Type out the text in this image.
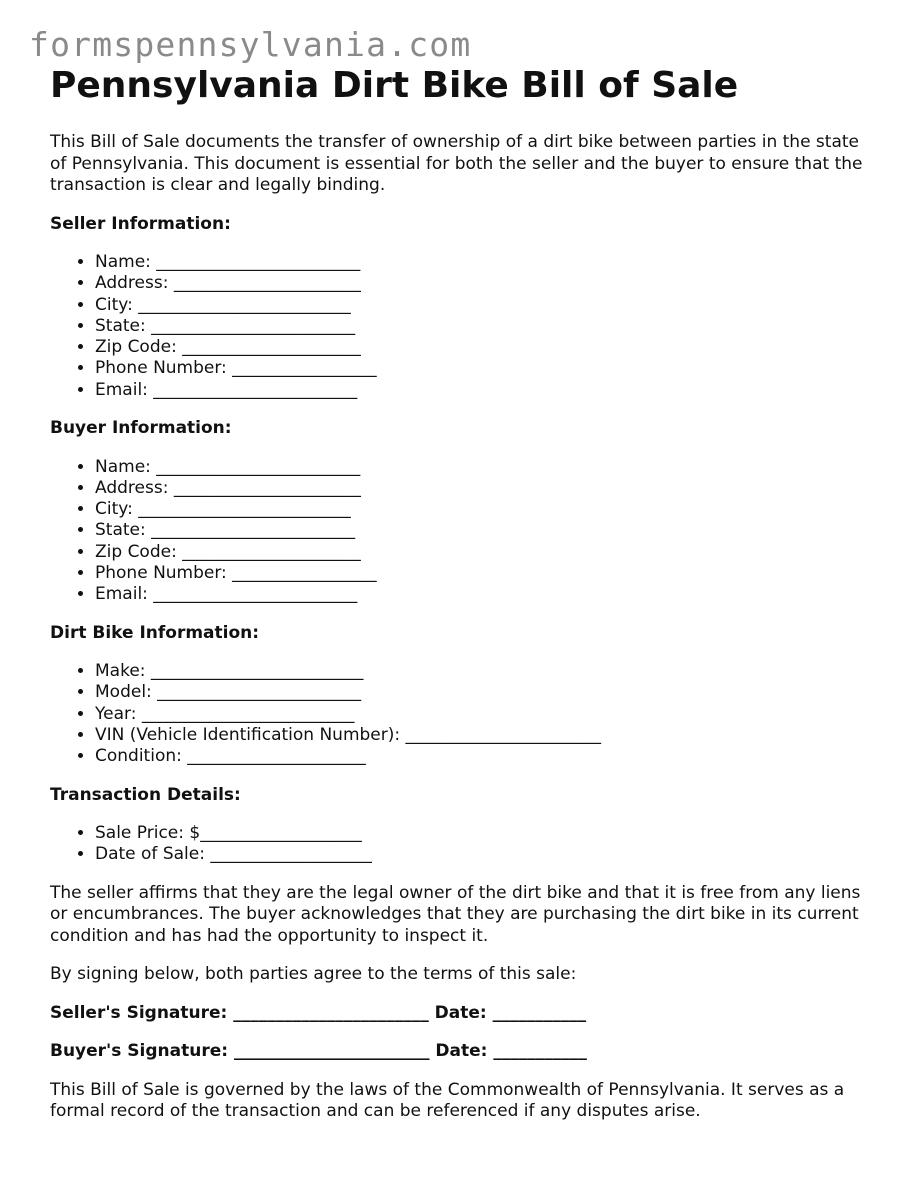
formspennsylvania.com
Pennsylvania Dirt Bike Bill of Sale

This Bill of Sale documents the transfer of ownership of a dirt bike between parties in the state of Pennsylvania. This document is essential for both the seller and the buyer to ensure that the transaction is clear and legally binding.

Seller Information:
• Name: ________________________
• Address: ______________________
• City: _________________________
• State: ________________________
• Zip Code: _____________________
• Phone Number: _________________
• Email: ________________________
Buyer Information:
• Name: ________________________
• Address: ______________________
• City: _________________________
• State: ________________________
• Zip Code: _____________________
• Phone Number: _________________
• Email: ________________________
Dirt Bike Information:
• Make: _________________________
• Model: ________________________
• Year: _________________________
• VIN (Vehicle Identification Number): _______________________
• Condition: _____________________
Transaction Details:
• Sale Price: $___________________
• Date of Sale: ___________________

The seller affirms that they are the legal owner of the dirt bike and that it is free from any liens or encumbrances. The buyer acknowledges that they are purchasing the dirt bike in its current condition and has had the opportunity to inspect it.

By signing below, both parties agree to the terms of this sale:

Seller's Signature: _______________________ Date: ___________
Buyer's Signature: _______________________ Date: ___________

This Bill of Sale is governed by the laws of the Commonwealth of Pennsylvania. It serves as a formal record of the transaction and can be referenced if any disputes arise.
